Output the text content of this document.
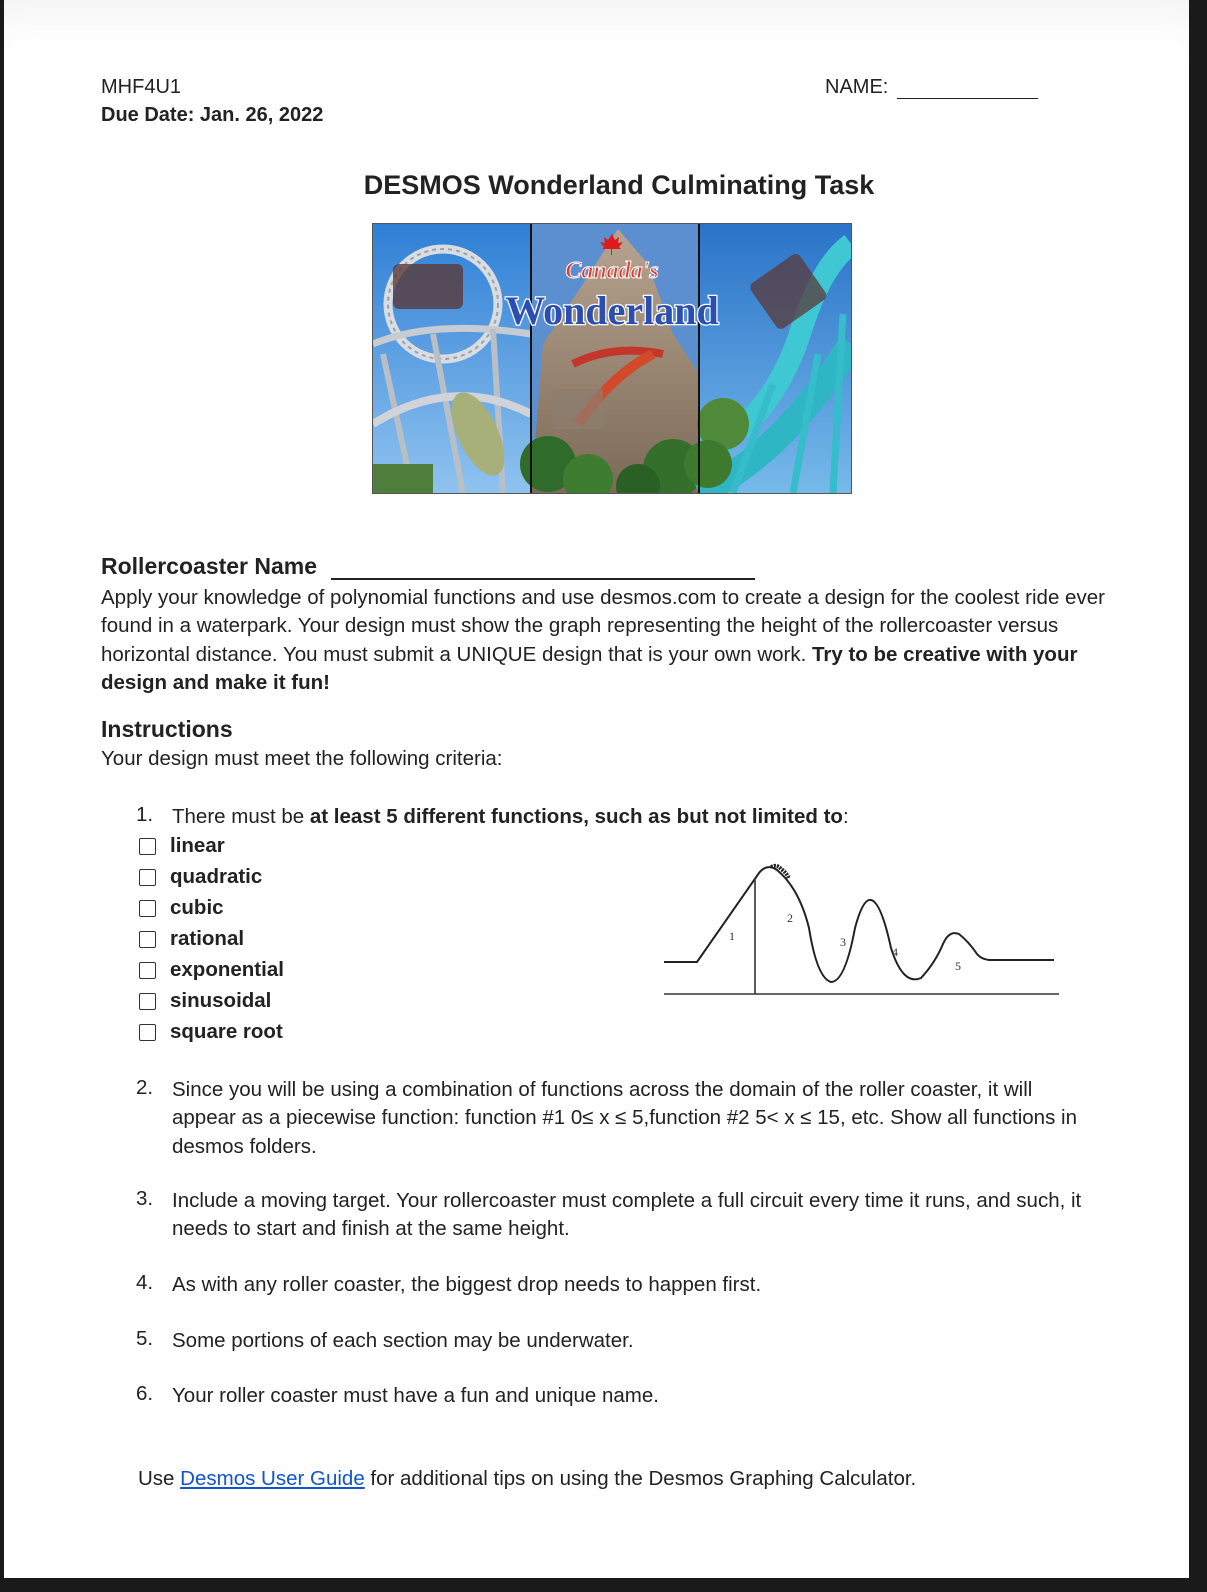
MHF4U1
Due Date: Jan. 26, 2022
NAME:
DESMOS Wonderland Culminating Task
Canada's
Wonderland
Rollercoaster Name
Apply your knowledge of polynomial functions and use desmos.com to create a design for the coolest ride ever found in a waterpark. Your design must show the graph representing the height of the rollercoaster versus horizontal distance. You must submit a UNIQUE design that is your own work. Try to be creative with your design and make it fun!
Instructions
Your design must meet the following criteria:
1. There must be at least 5 different functions, such as but not limited to:
linear
quadratic
cubic
rational
exponential
sinusoidal
square root
1
2
3
4
5
2. Since you will be using a combination of functions across the domain of the roller coaster, it will appear as a piecewise function: function #1 0≤ x ≤ 5,function #2 5< x ≤ 15, etc. Show all functions in desmos folders.
3. Include a moving target. Your rollercoaster must complete a full circuit every time it runs, and such, it needs to start and finish at the same height.
4. As with any roller coaster, the biggest drop needs to happen first.
5. Some portions of each section may be underwater.
6. Your roller coaster must have a fun and unique name.
Use Desmos User Guide for additional tips on using the Desmos Graphing Calculator.
